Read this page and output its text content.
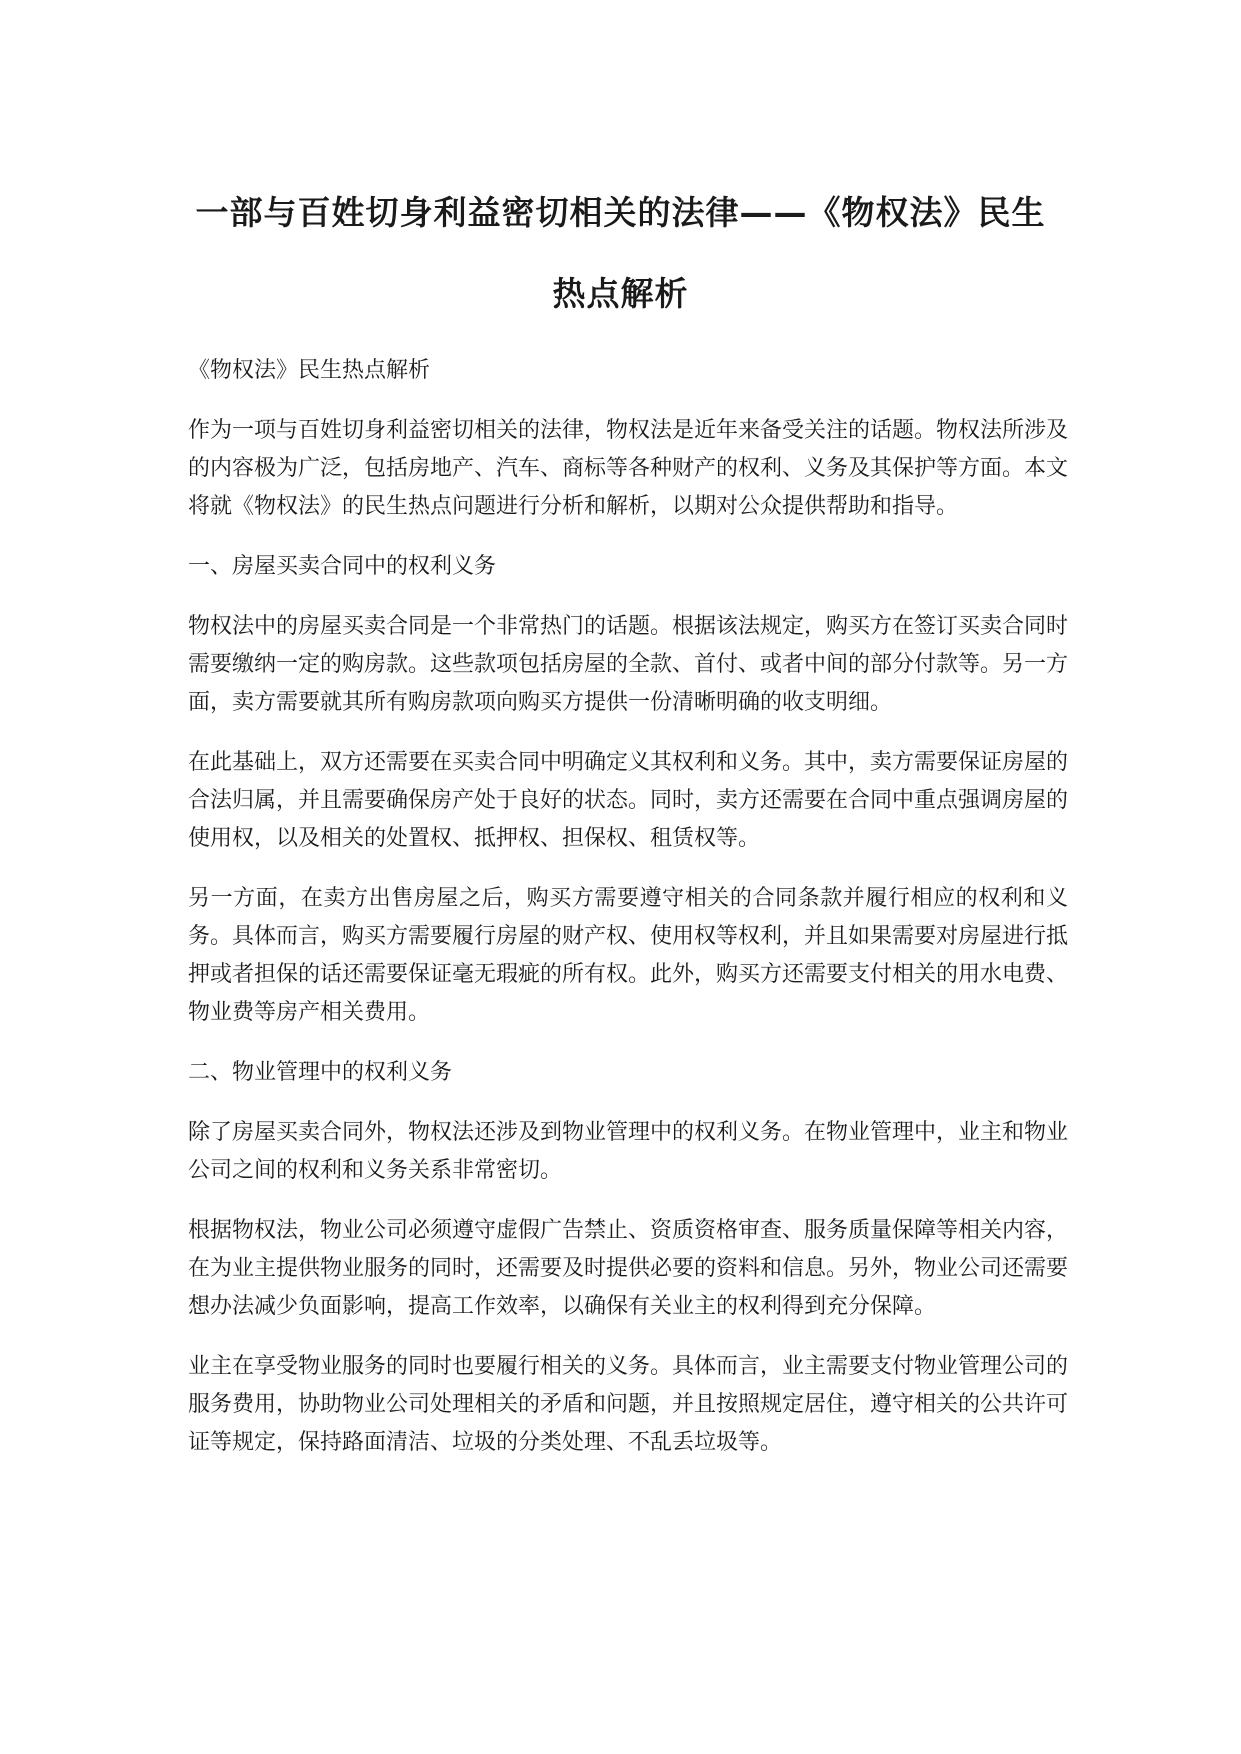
一部与百姓切身利益密切相关的法律——《物权法》民生
热点解析

《物权法》民生热点解析

作为一项与百姓切身利益密切相关的法律，物权法是近年来备受关注的话题。物权法所涉及的内容极为广泛，包括房地产、汽车、商标等各种财产的权利、义务及其保护等方面。本文将就《物权法》的民生热点问题进行分析和解析，以期对公众提供帮助和指导。

一、房屋买卖合同中的权利义务

物权法中的房屋买卖合同是一个非常热门的话题。根据该法规定，购买方在签订买卖合同时需要缴纳一定的购房款。这些款项包括房屋的全款、首付、或者中间的部分付款等。另一方面，卖方需要就其所有购房款项向购买方提供一份清晰明确的收支明细。

在此基础上，双方还需要在买卖合同中明确定义其权利和义务。其中，卖方需要保证房屋的合法归属，并且需要确保房产处于良好的状态。同时，卖方还需要在合同中重点强调房屋的使用权，以及相关的处置权、抵押权、担保权、租赁权等。

另一方面，在卖方出售房屋之后，购买方需要遵守相关的合同条款并履行相应的权利和义务。具体而言，购买方需要履行房屋的财产权、使用权等权利，并且如果需要对房屋进行抵押或者担保的话还需要保证毫无瑕疵的所有权。此外，购买方还需要支付相关的用水电费、物业费等房产相关费用。

二、物业管理中的权利义务

除了房屋买卖合同外，物权法还涉及到物业管理中的权利义务。在物业管理中，业主和物业公司之间的权利和义务关系非常密切。

根据物权法，物业公司必须遵守虚假广告禁止、资质资格审查、服务质量保障等相关内容，在为业主提供物业服务的同时，还需要及时提供必要的资料和信息。另外，物业公司还需要想办法减少负面影响，提高工作效率，以确保有关业主的权利得到充分保障。

业主在享受物业服务的同时也要履行相关的义务。具体而言，业主需要支付物业管理公司的服务费用，协助物业公司处理相关的矛盾和问题，并且按照规定居住，遵守相关的公共许可证等规定，保持路面清洁、垃圾的分类处理、不乱丢垃圾等。
